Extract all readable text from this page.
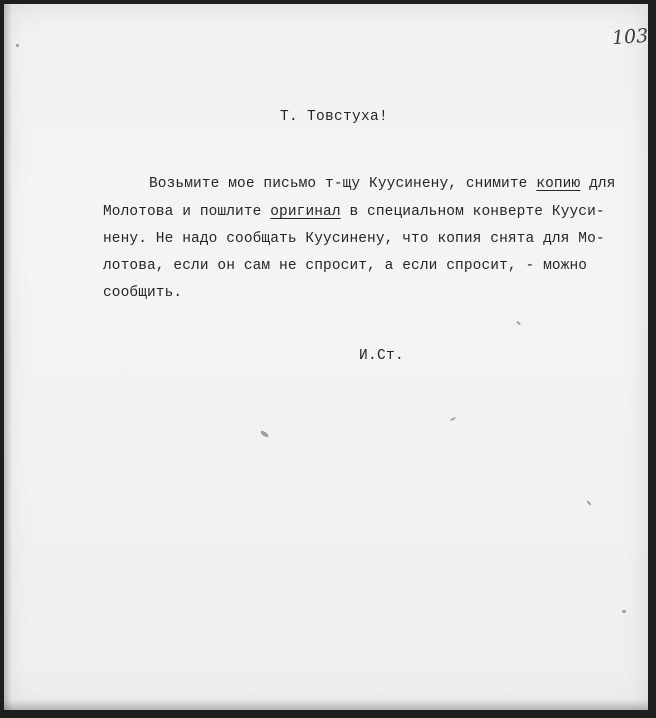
103
Т. Товстуха!
Возьмите мое письмо т-щу Куусинену, снимите копию для
Молотова и пошлите оригинал в специальном конверте Кууси-
нену. Не надо сообщать Куусинену, что копия снята для Мо-
лотова, если он сам не спросит, а если спросит, - можно
сообщить.
И.Ст.
